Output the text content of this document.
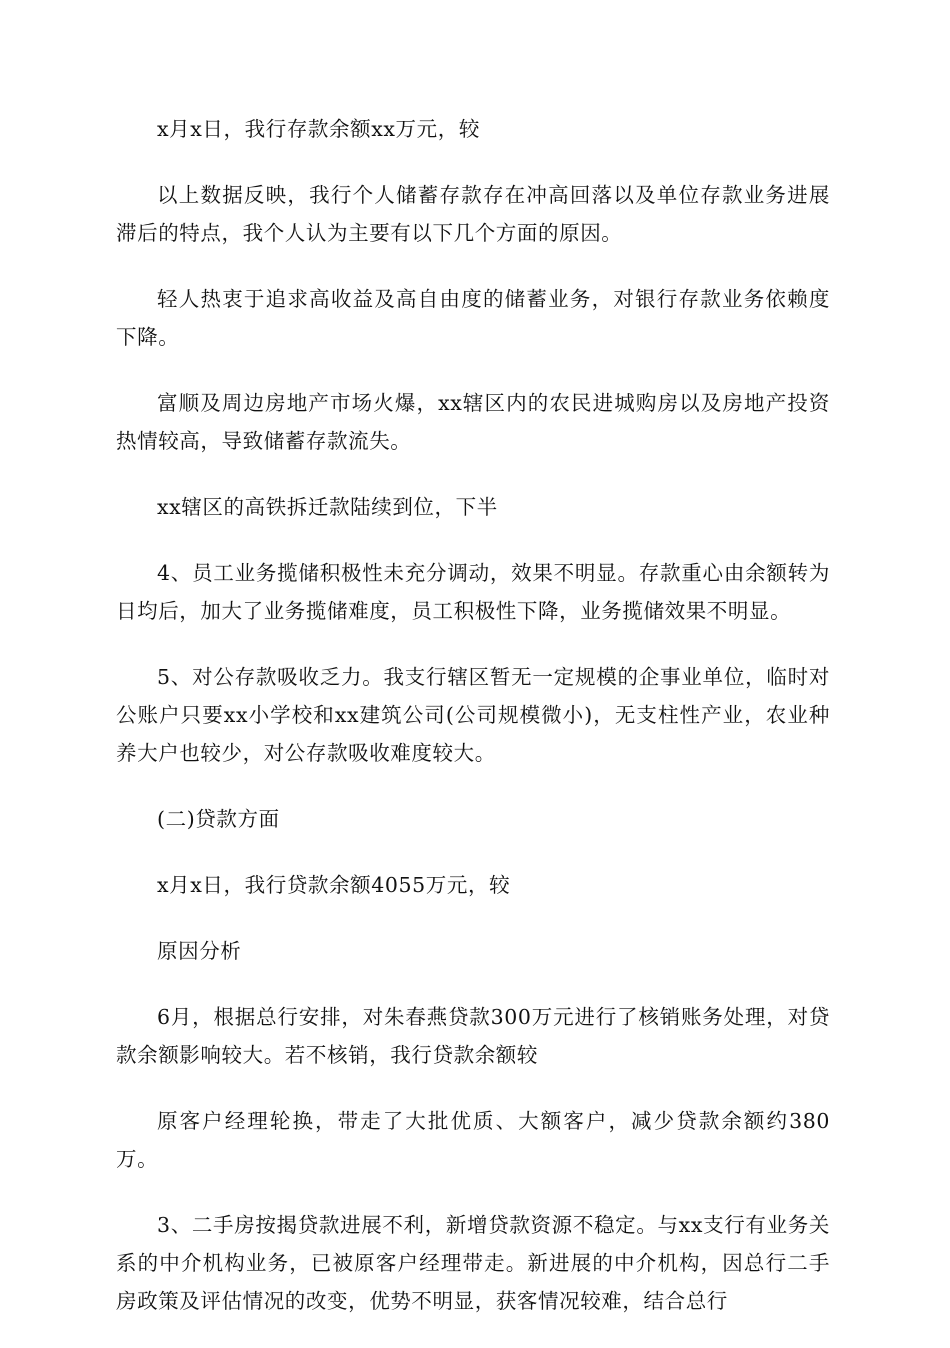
x月x日，我行存款余额xx万元，较

以上数据反映，我行个人储蓄存款存在冲高回落以及单位存款业务进展滞后的特点，我个人认为主要有以下几个方面的原因。

轻人热衷于追求高收益及高自由度的储蓄业务，对银行存款业务依赖度下降。

富顺及周边房地产市场火爆，xx辖区内的农民进城购房以及房地产投资热情较高，导致储蓄存款流失。

xx辖区的高铁拆迁款陆续到位，下半

4、员工业务揽储积极性未充分调动，效果不明显。存款重心由余额转为日均后，加大了业务揽储难度，员工积极性下降，业务揽储效果不明显。

5、对公存款吸收乏力。我支行辖区暂无一定规模的企事业单位，临时对公账户只要xx小学校和xx建筑公司(公司规模微小)，无支柱性产业，农业种养大户也较少，对公存款吸收难度较大。

(二)贷款方面

x月x日，我行贷款余额4055万元，较

原因分析

6月，根据总行安排，对朱春燕贷款300万元进行了核销账务处理，对贷款余额影响较大。若不核销，我行贷款余额较

原客户经理轮换，带走了大批优质、大额客户，减少贷款余额约380万。

3、二手房按揭贷款进展不利，新增贷款资源不稳定。与xx支行有业务关系的中介机构业务，已被原客户经理带走。新进展的中介机构，因总行二手房政策及评估情况的改变，优势不明显，获客情况较难，结合总行
